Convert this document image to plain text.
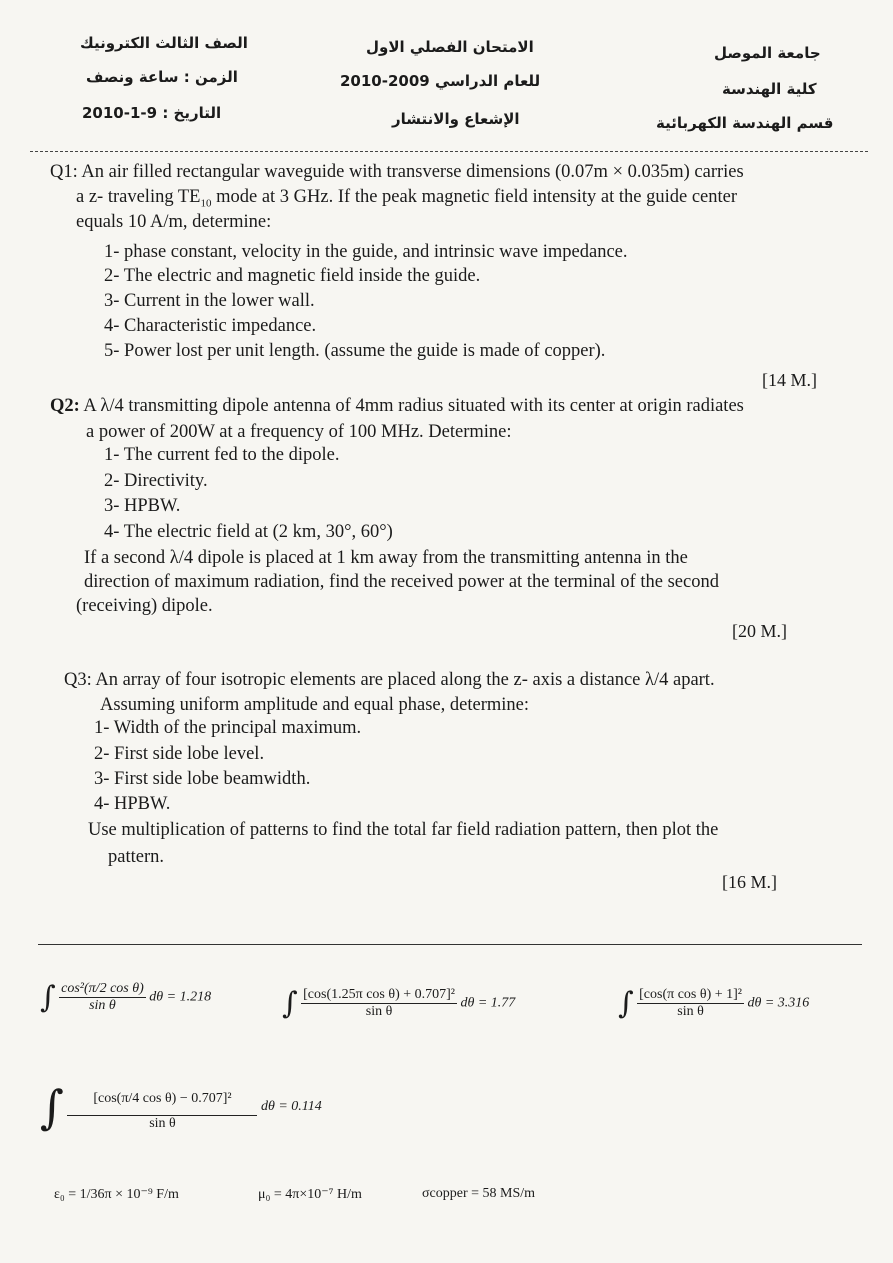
الصف الثالث الكترونيك
الزمن : ساعة ونصف
التاريخ : 9-1-2010
الامتحان الفصلي الاول
للعام الدراسي 2009-2010
الإشعاع والانتشار
جامعة الموصل
كلية الهندسة
قسم الهندسة الكهربائية
Q1: An air filled rectangular waveguide with transverse dimensions (0.07m × 0.035m) carries
a z- traveling $TE_{10}$ mode at 3 GHz. If the peak magnetic field intensity at the guide center
equals 10 A/m, determine:
1- phase constant, velocity in the guide, and intrinsic wave impedance.
2- The electric and magnetic field inside the guide.
3- Current in the lower wall.
4- Characteristic impedance.
5- Power lost per unit length. (assume the guide is made of copper).
[14 M.]
Q2: A λ/4 transmitting dipole antenna of 4mm radius situated with its center at origin radiates
a power of 200W at a frequency of 100 MHz. Determine:
1- The current fed to the dipole.
2- Directivity.
3- HPBW.
4- The electric field at (2 km, 30°, 60°)
If a second λ/4 dipole is placed at 1 km away from the transmitting antenna in the
direction of maximum radiation, find the received power at the terminal of the second
(receiving) dipole.
[20 M.]
Q3: An array of four isotropic elements are placed along the z- axis a distance λ/4 apart.
Assuming uniform amplitude and equal phase, determine:
1- Width of the principal maximum.
2- First side lobe level.
3- First side lobe beamwidth.
4- HPBW.
Use multiplication of patterns to find the total far field radiation pattern, then plot the
pattern.
[16 M.]
∫ $\frac{\text{cos²(π/2 cos θ)}}{\text{sin θ}}$ dθ = 1.218 ∫ $\frac{\text{[cos(1.25π cos θ) + 0.707]²}}{\text{sin θ}}$ dθ = 1.77	∫ $\frac{\text{[cos(π cos θ) + 1]²}}{\text{sin θ}}$ dθ = 3.316
∫ $\frac{\text{[cos(π/4 cos θ) − 0.707]²}}{\text{sin θ}}$ dθ = 0.114
ε₀ = 1/36π × 10⁻⁹ F/m	μ₀ = 4π×10⁻⁷ H/m	σcopper = 58 MS/m
